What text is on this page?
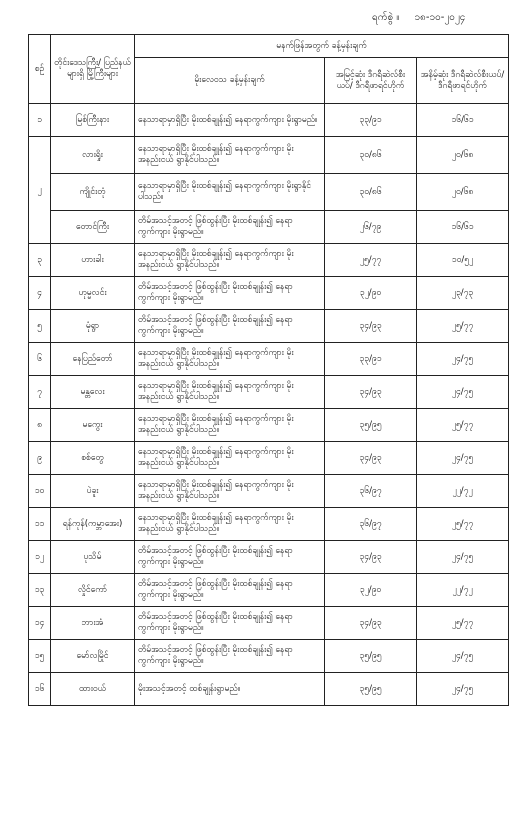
ရက်စွဲ ။ ၁၈-၁၀-၂၀၂၄
စဉ်	တိုင်းဒေသကြီး/ ပြည်နယ်များရှိ မြို့ကြီးများ	မနက်ဖြန်အတွက် ခန့်မှန်းချက်		
		မိုးလေဝသ ခန့်မှန်းချက်	အမြင့်ဆုံး ဒီဂရီဆဲလ်စီးယပ်/ ဒီဂရီဖာရင်ဟိုက်	အနိမ့်ဆုံး ဒီဂရီဆဲလ်စီးယပ်/ ဒီဂရီဖာရင်ဟိုက်
၁	မြစ်ကြီးနား	နေသာရာမှာရှိပြီး မိုးထစ်ချုန်း၍ နေရာကွက်ကျား မိုးရွာမည်။	၃၃/၉၁	၁၆/၆၁
၂	လားရှိုး	နေသာရာမှာရှိပြီး မိုးထစ်ချုန်း၍ နေရာကွက်ကျား မိုးအနည်းငယ် ရွာနိုင်ပါသည်။	၃၀/၈၆	၂၀/၆၈
	ကျိုင်းတုံ	နေသာရာမှာရှိပြီး မိုးထစ်ချုန်း၍ နေရာကွက်ကျား မိုးရွာနိုင်ပါသည်။	၃၀/၈၆	၂၀/၆၈
	တောင်ကြီး	တိမ်အသင့်အတင့် ဖြစ်ထွန်းပြီး မိုးထစ်ချုန်း၍ နေရာကွက်ကျား မိုးရွာမည်။	၂၆/၇၉	၁၆/၆၁
၃	ဟားခါး	နေသာရာမှာရှိပြီး မိုးထစ်ချုန်း၍ နေရာကွက်ကျား မိုးအနည်းငယ် ရွာနိုင်ပါသည်။	၂၅/၇၇	၁၀/၅၂
၄	ဟုမ္မလင်း	တိမ်အသင့်အတင့် ဖြစ်ထွန်းပြီး မိုးထစ်ချုန်း၍ နေရာကွက်ကျား မိုးရွာမည်။	၃၂/၉၀	၂၃/၇၃
၅	မုံရွာ	တိမ်အသင့်အတင့် ဖြစ်ထွန်းပြီး မိုးထစ်ချုန်း၍ နေရာကွက်ကျား မိုးရွာမည်။	၃၄/၉၃	၂၅/၇၇
၆	နေပြည်တော်	နေသာရာမှာရှိပြီး မိုးထစ်ချုန်း၍ နေရာကွက်ကျား မိုးအနည်းငယ် ရွာနိုင်ပါသည်။	၃၃/၉၁	၂၄/၇၅
၇	မန္တလေး	နေသာရာမှာရှိပြီး မိုးထစ်ချုန်း၍ နေရာကွက်ကျား မိုးအနည်းငယ် ရွာနိုင်ပါသည်။	၃၄/၉၃	၂၄/၇၅
၈	မကွေး	နေသာရာမှာရှိပြီး မိုးထစ်ချုန်း၍ နေရာကွက်ကျား မိုးအနည်းငယ် ရွာနိုင်ပါသည်။	၃၅/၉၅	၂၅/၇၇
၉	စစ်တွေ	နေသာရာမှာရှိပြီး မိုးထစ်ချုန်း၍ နေရာကွက်ကျား မိုးအနည်းငယ် ရွာနိုင်ပါသည်။	၃၄/၉၃	၂၄/၇၅
၁၀	ပဲခူး	နေသာရာမှာရှိပြီး မိုးထစ်ချုန်း၍ နေရာကွက်ကျား မိုးအနည်းငယ် ရွာနိုင်ပါသည်။	၃၆/၉၇	၂၂/၇၂
၁၁	ရန်ကုန်(ကမ္ဘာအေး)	နေသာရာမှာရှိပြီး မိုးထစ်ချုန်း၍ နေရာကွက်ကျား မိုးအနည်းငယ် ရွာနိုင်ပါသည်။	၃၆/၉၇	၂၅/၇၇
၁၂	ပုသိမ်	တိမ်အသင့်အတင့် ဖြစ်ထွန်းပြီး မိုးထစ်ချုန်း၍ နေရာကွက်ကျား မိုးရွာမည်။	၃၄/၉၃	၂၄/၇၅
၁၃	လှိုင်ကော်	တိမ်အသင့်အတင့် ဖြစ်ထွန်းပြီး မိုးထစ်ချုန်း၍ နေရာကွက်ကျား မိုးရွာမည်။	၃၂/၉၀	၂၂/၇၂
၁၄	ဘားအံ	တိမ်အသင့်အတင့် ဖြစ်ထွန်းပြီး မိုးထစ်ချုန်း၍ နေရာကွက်ကျား မိုးရွာမည်။	၃၄/၉၃	၂၅/၇၇
၁၅	မော်လမြိုင်	တိမ်အသင့်အတင့် ဖြစ်ထွန်းပြီး မိုးထစ်ချုန်း၍ နေရာကွက်ကျား မိုးရွာမည်။	၃၅/၉၅	၂၄/၇၅
၁၆	ထားဝယ်	မိုးအသင့်အတင့် ထစ်ချုန်းရွာမည်။	၃၅/၉၅	၂၄/၇၅
